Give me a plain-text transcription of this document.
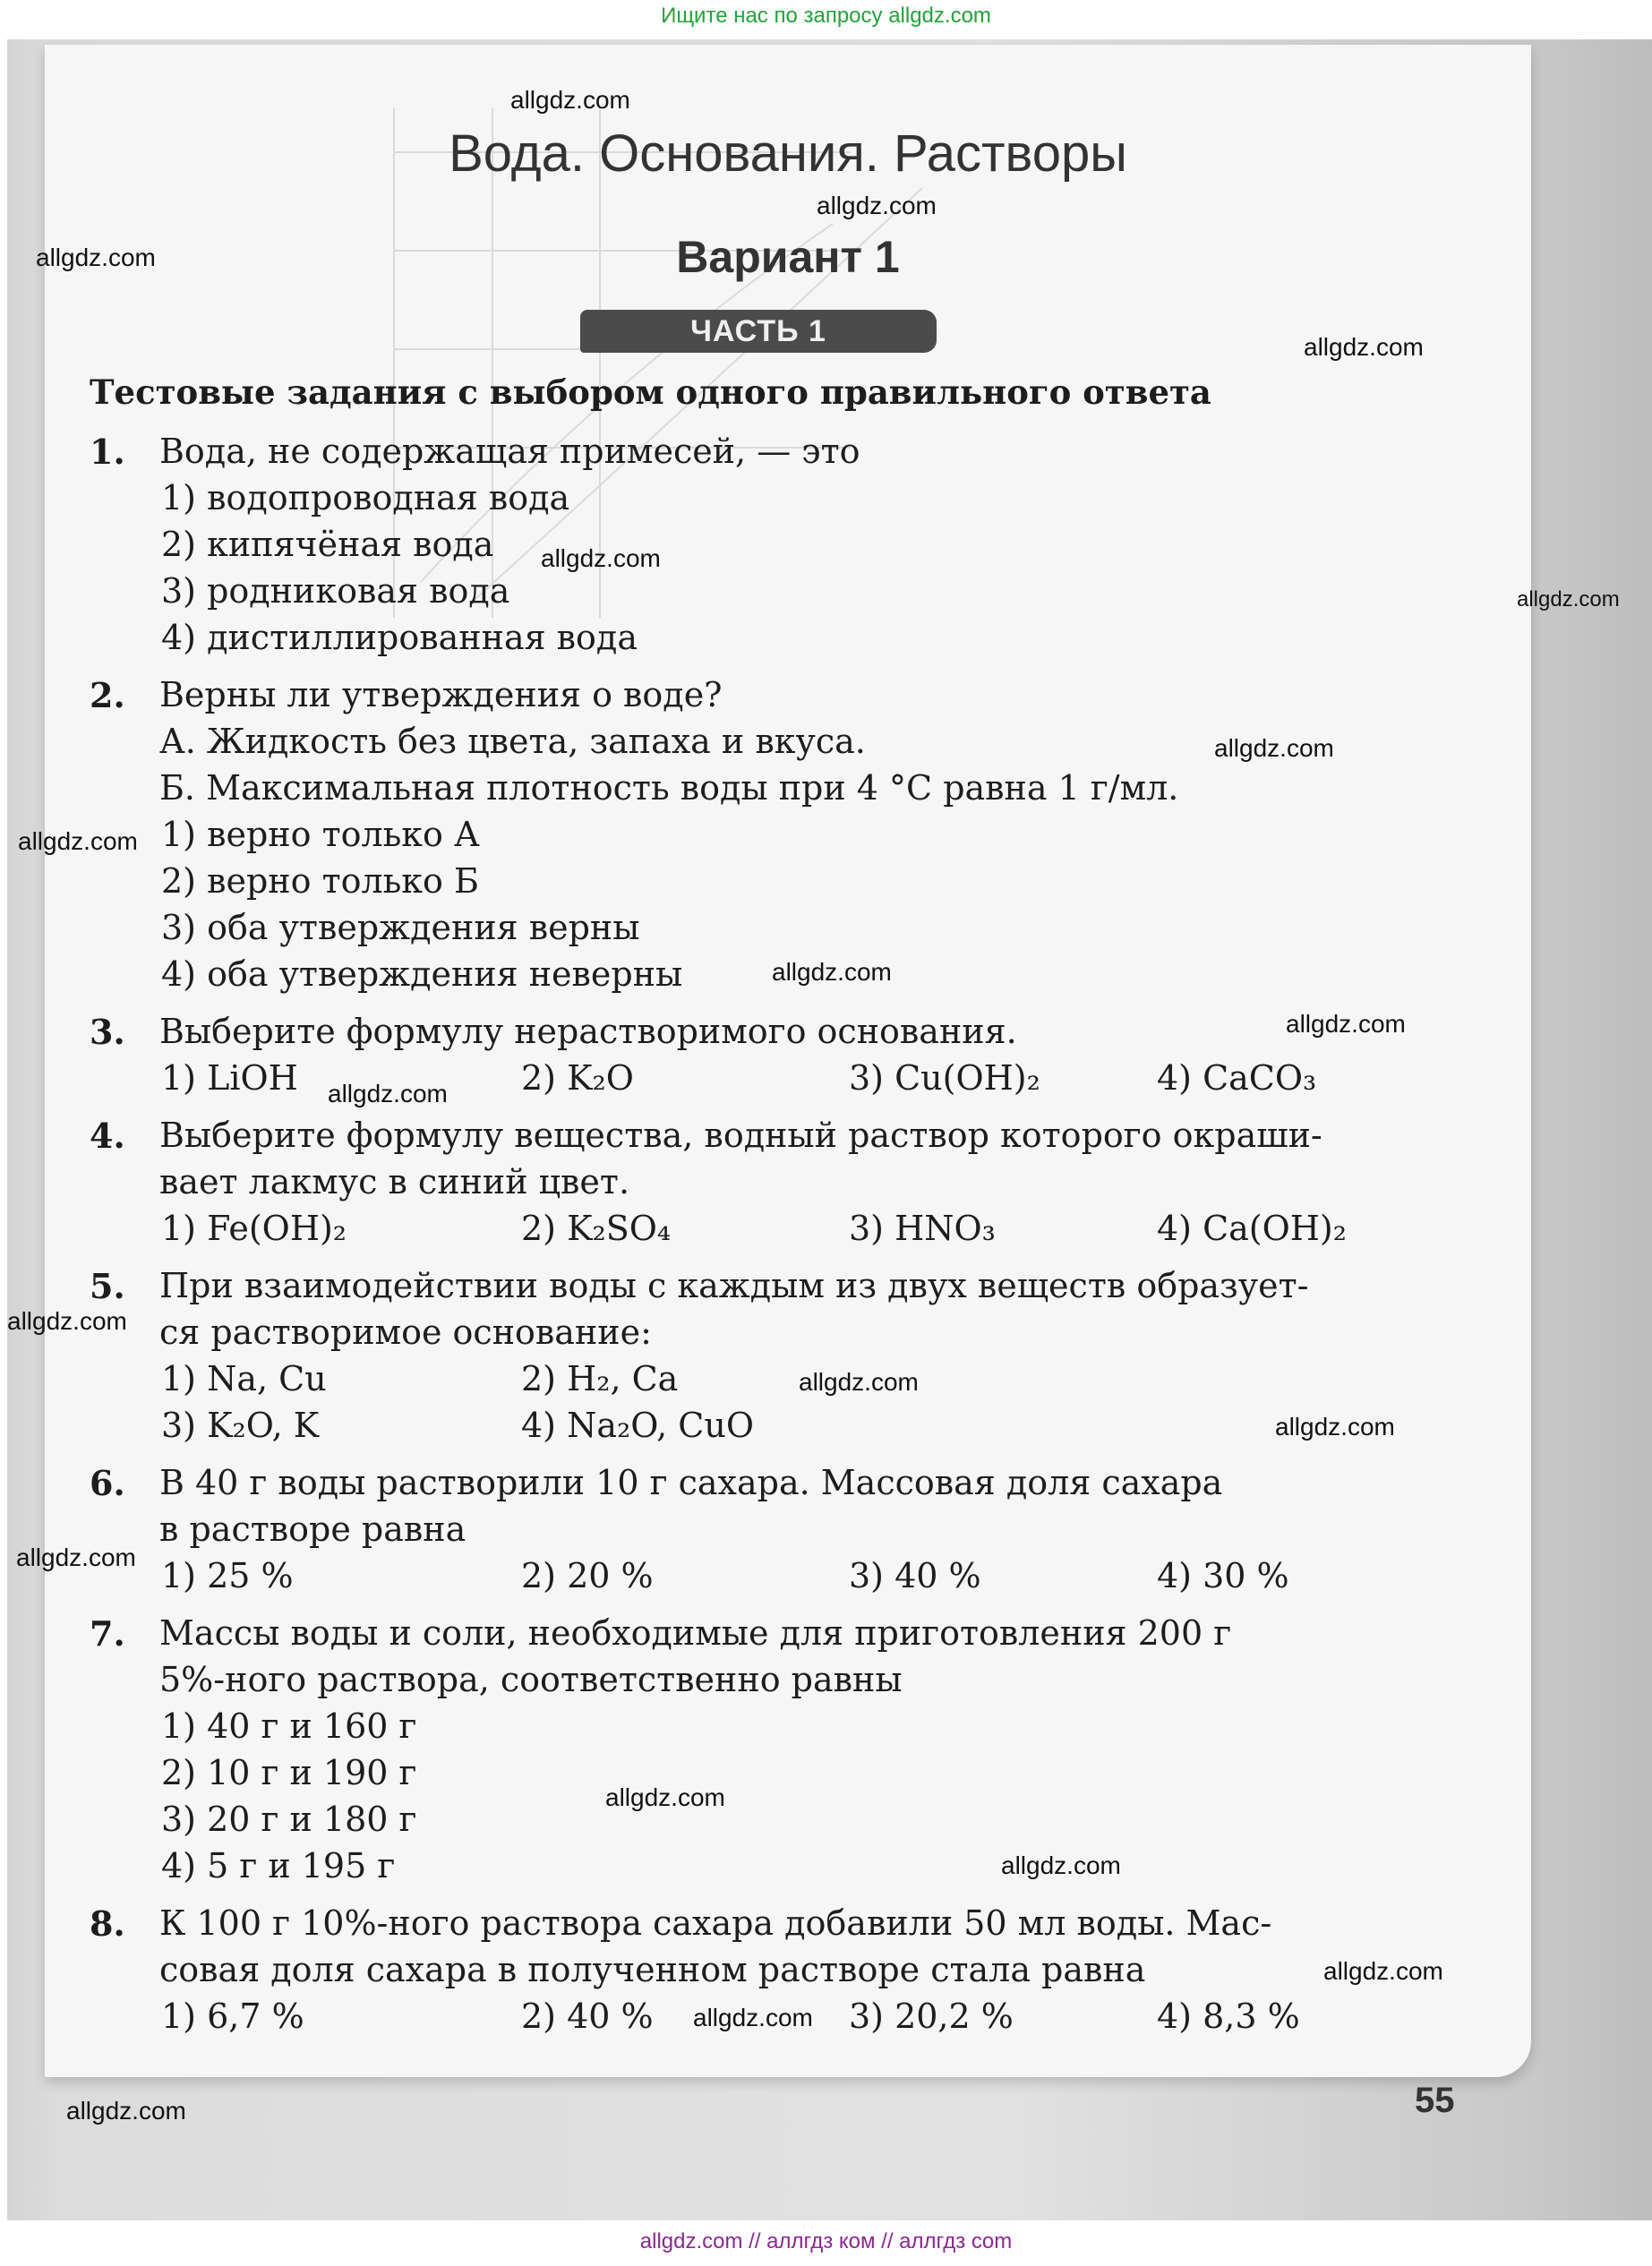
Ищите нас по запросу allgdz.com
Вода. Основания. Растворы
Вариант 1
ЧАСТЬ 1
Тестовые задания с выбором одного правильного ответа
1. Вода, не содержащая примесей, — это
1) водопроводная вода
2) кипячёная вода
3) родниковая вода
4) дистиллированная вода
2. Верны ли утверждения о воде?
А. Жидкость без цвета, запаха и вкуса.
Б. Максимальная плотность воды при 4 °С равна 1 г/мл.
1) верно только А
2) верно только Б
3) оба утверждения верны
4) оба утверждения неверны
3. Выберите формулу нерастворимого основания.
1) LiOH	2) K₂O	3) Cu(OH)₂	4) CaCO₃
4. Выберите формулу вещества, водный раствор которого окраши-
вает лакмус в синий цвет.
1) Fe(OH)₂	2) K₂SO₄	3) HNO₃	4) Ca(OH)₂
5. При взаимодействии воды с каждым из двух веществ образует-
ся растворимое основание:
1) Na, Cu	2) H₂, Ca
3) K₂O, K	4) Na₂O, CuO
6. В 40 г воды растворили 10 г сахара. Массовая доля сахара
в растворе равна
1) 25 %	2) 20 %	3) 40 %	4) 30 %
7. Массы воды и соли, необходимые для приготовления 200 г
5%-ного раствора, соответственно равны
1) 40 г и 160 г
2) 10 г и 190 г
3) 20 г и 180 г
4) 5 г и 195 г
8. К 100 г 10%-ного раствора сахара добавили 50 мл воды. Мас-
совая доля сахара в полученном растворе стала равна
1) 6,7 %	2) 40 %	3) 20,2 %	4) 8,3 %
55
allgdz.com
allgdz.com
allgdz.com
allgdz.com
allgdz.com
allgdz.com
allgdz.com
allgdz.com
allgdz.com
allgdz.com
allgdz.com
allgdz.com
allgdz.com
allgdz.com
allgdz.com
allgdz.com
allgdz.com
allgdz.com
allgdz.com
allgdz.com
allgdz.com // аллгдз ком // аллгдз com
